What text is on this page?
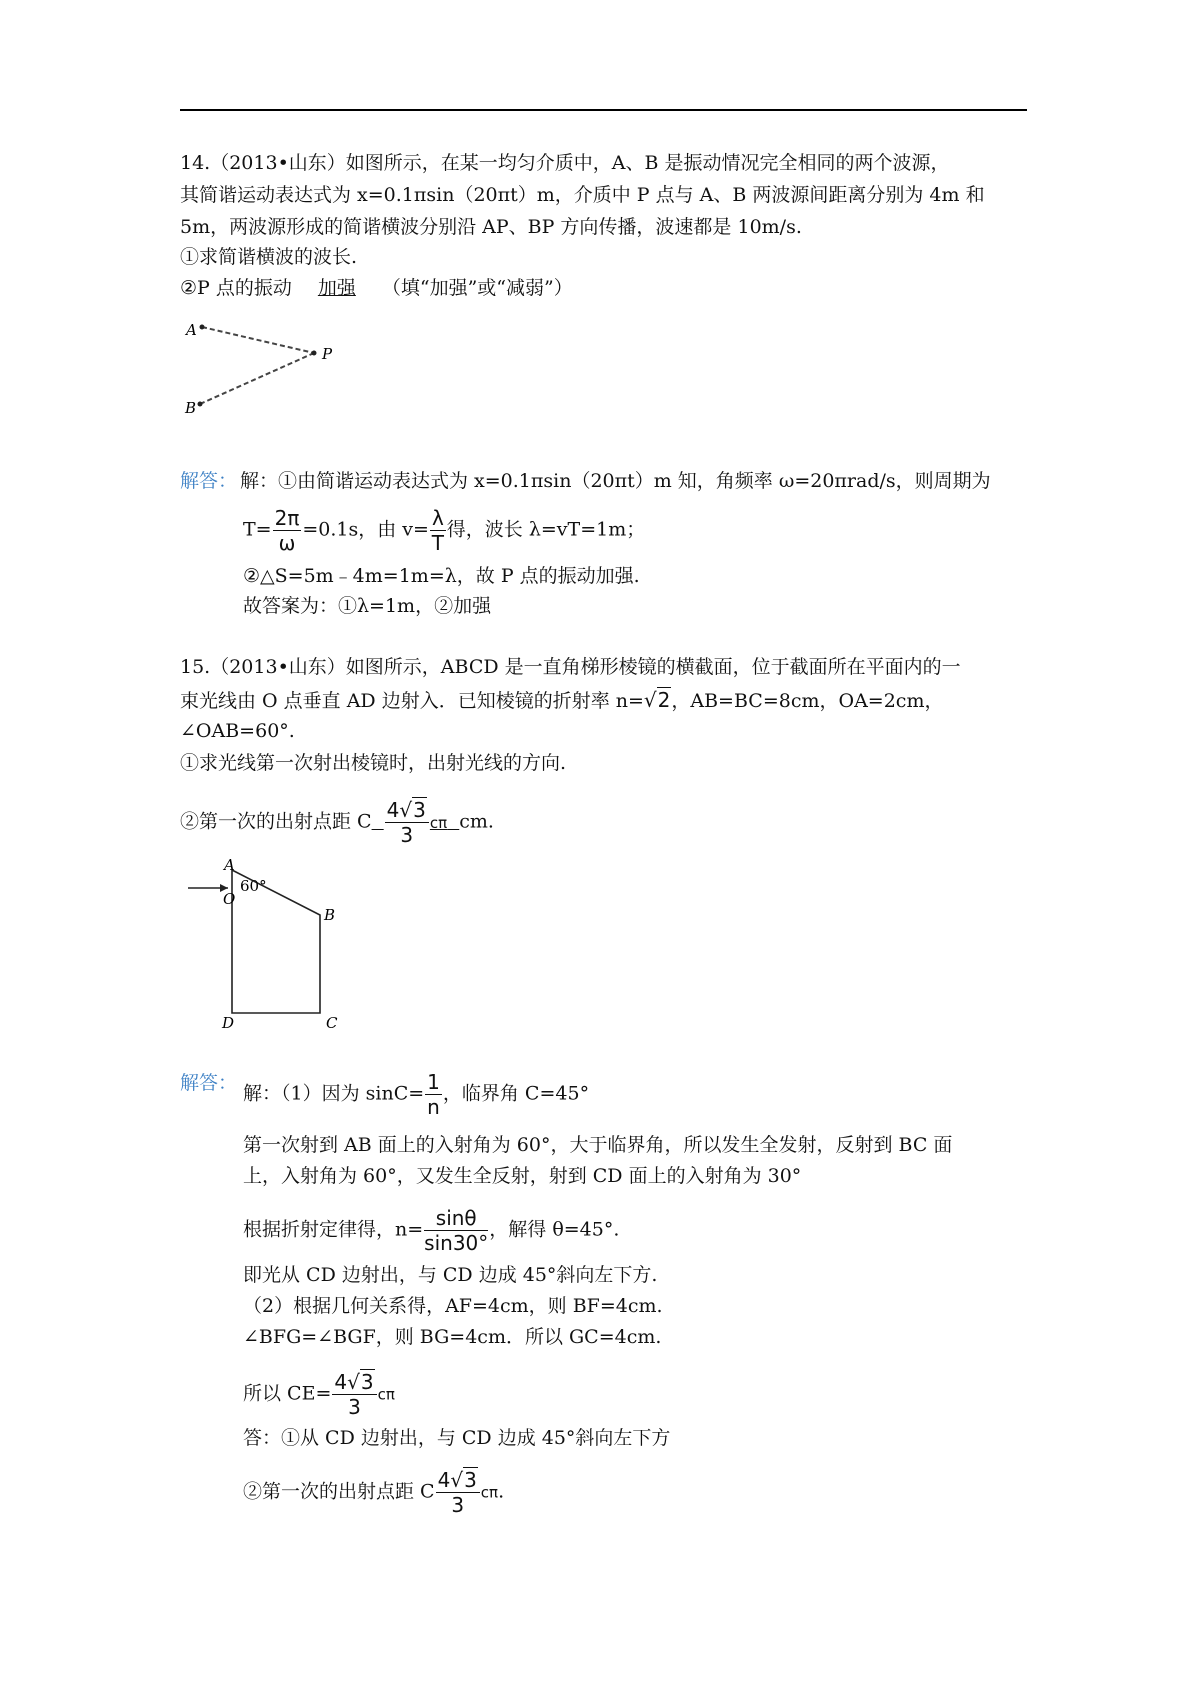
14.（2013•山东）如图所示，在某一均匀介质中，A、B 是振动情况完全相同的两个波源，
其简谐运动表达式为 x=0.1πsin（20πt）m，介质中 P 点与 A、B 两波源间距离分别为 4m 和
5m，两波源形成的简谐横波分别沿 AP、BP 方向传播，波速都是 10m/s.
①求简谐横波的波长.
②P 点的振动 加强 （填“加强”或“减弱”）
A
B
P
解答： 解：①由简谐运动表达式为 x=0.1πsin（20πt）m 知，角频率 ω=20πrad/s，则周期为
$T= \frac{2\pi}{\omega} =0.1s$，由 $v= \frac{\lambda}{T}$ 得，波长 λ=vT=1m；
②△S=5m﹣4m=1m=λ，故 P 点的振动加强.
故答案为：①λ=1m，②加强
15.（2013•山东）如图所示，ABCD 是一直角梯形棱镜的横截面，位于截面所在平面内的一
束光线由 O 点垂直 AD 边射入．已知棱镜的折射率 n=√2，AB=BC=8cm，OA=2cm，
∠OAB=60°.
①求光线第一次射出棱镜时，出射光线的方向.
②第一次的出射点距 C $\frac{4√3}{3}$ cπ cm.
A
O
60°
B
C
D
解答： 解：（1）因为 $\sin C= \frac{1}{n}$ ，临界角 C=45°
第一次射到 AB 面上的入射角为 60°，大于临界角，所以发生全发射，反射到 BC 面
上，入射角为 60°，又发生全反射，射到 CD 面上的入射角为 30°
根据折射定律得，$n= \frac{\sin\theta}{\sin 30^\circ}$ ，解得 θ=45°.
即光从 CD 边射出，与 CD 边成 45°斜向左下方.
（2）根据几何关系得，AF=4cm，则 BF=4cm.
∠BFG=∠BGF，则 BG=4cm．所以 GC=4cm.
所以 $CE= \frac{4√3}{3}$ cπ
答：①从 CD 边射出，与 CD 边成 45°斜向左下方
②第一次的出射点距 C $\frac{4√3}{3} c\pi$.
